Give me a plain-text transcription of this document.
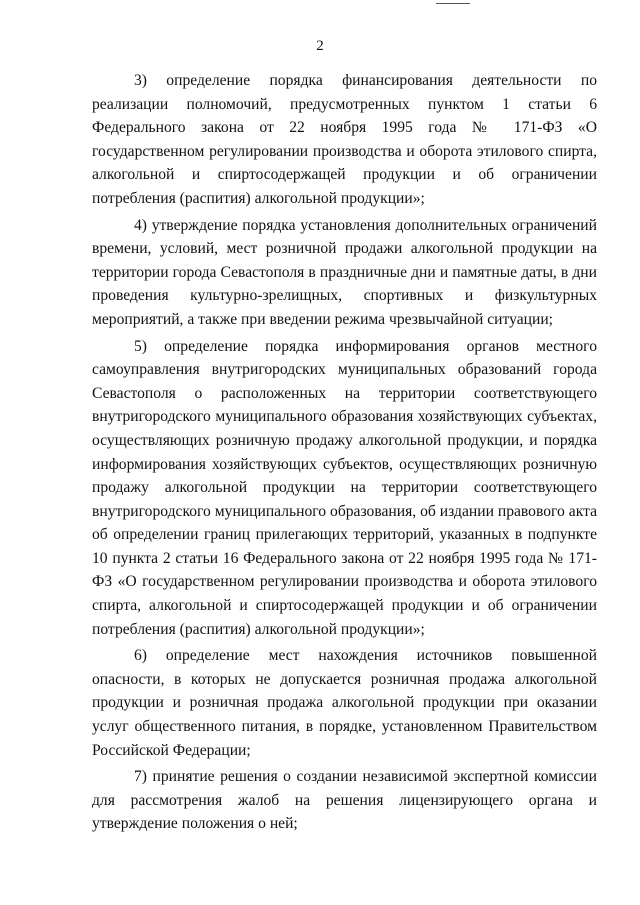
2

3) определение порядка финансирования деятельности по реализации полномочий, предусмотренных пунктом 1 статьи 6 Федерального закона от 22 ноября 1995 года № 171-ФЗ «О государственном регулировании производства и оборота этилового спирта, алкогольной и спиртосодержащей продукции и об ограничении потребления (распития) алкогольной продукции»;

4) утверждение порядка установления дополнительных ограничений времени, условий, мест розничной продажи алкогольной продукции на территории города Севастополя в праздничные дни и памятные даты, в дни проведения культурно-зрелищных, спортивных и физкультурных мероприятий, а также при введении режима чрезвычайной ситуации;

5) определение порядка информирования органов местного самоуправления внутригородских муниципальных образований города Севастополя о расположенных на территории соответствующего внутригородского муниципального образования хозяйствующих субъектах, осуществляющих розничную продажу алкогольной продукции, и порядка информирования хозяйствующих субъектов, осуществляющих розничную продажу алкогольной продукции на территории соответствующего внутригородского муниципального образования, об издании правового акта об определении границ прилегающих территорий, указанных в подпункте 10 пункта 2 статьи 16 Федерального закона от 22 ноября 1995 года № 171-ФЗ «О государственном регулировании производства и оборота этилового спирта, алкогольной и спиртосодержащей продукции и об ограничении потребления (распития) алкогольной продукции»;

6) определение мест нахождения источников повышенной опасности, в которых не допускается розничная продажа алкогольной продукции и розничная продажа алкогольной продукции при оказании услуг общественного питания, в порядке, установленном Правительством Российской Федерации;

7) принятие решения о создании независимой экспертной комиссии для рассмотрения жалоб на решения лицензирующего органа и утверждение положения о ней;
